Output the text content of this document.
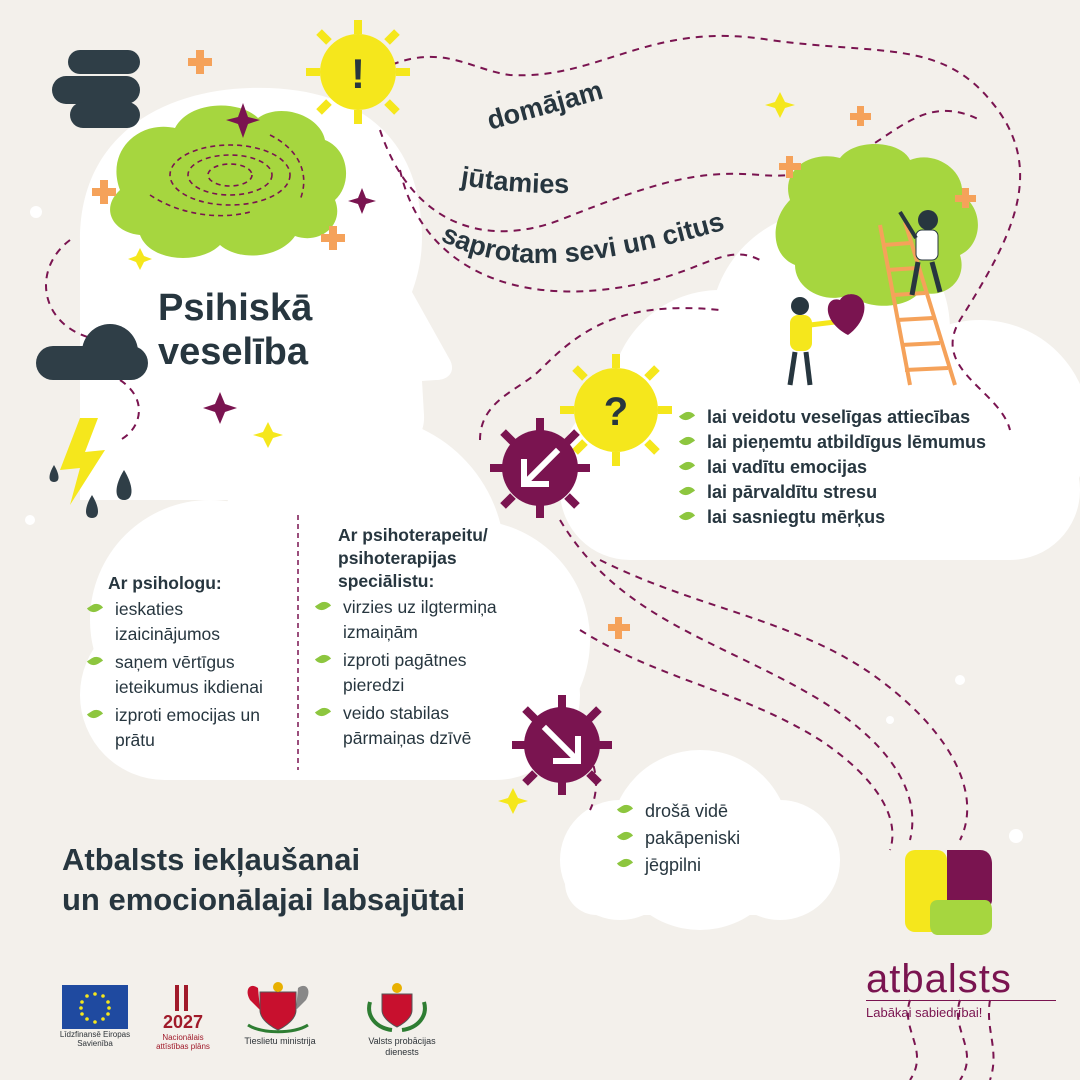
!
?
domājam
jūtamies
saprotam sevi un citus
Psihiskā
veselība
lai veidotu veselīgas attiecības
lai pieņemtu atbildīgus lēmumus
lai vadītu emocijas
lai pārvaldītu stresu
lai sasniegtu mērķus
Ar psihologu:
ieskaties izaicinājumos
saņem vērtīgus ieteikumus ikdienai
izproti emocijas un prātu
Ar psihoterapeitu/ psihoterapijas speciālistu:
virzies uz ilgtermiņa izmaiņām
izproti pagātnes pieredzi
veido stabilas pārmaiņas dzīvē
drošā vidē
pakāpeniski
jēgpilni
Atbalsts iekļaušanai
un emocionālajai labsajūtai
atbalsts
Labākai sabiedrībai!
Līdzfinansē Eiropas Savienība
2027
Nacionālais attīstības plāns
Tieslietu ministrija	Valsts probācijas dienests
